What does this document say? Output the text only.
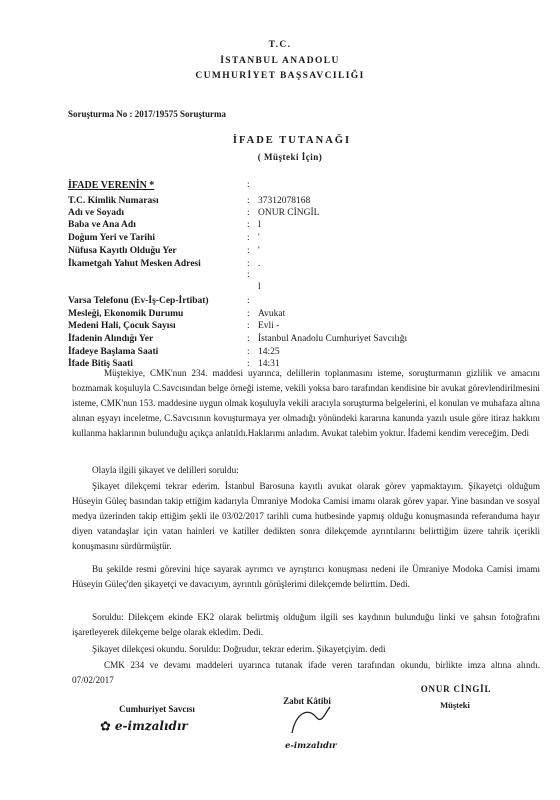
T.C.
İSTANBUL ANADOLU
CUMHURİYET BAŞSAVCILIĞI
Soruşturma No : 2017/19575 Soruşturma
İFADE TUTANAĞI
( Müşteki İçin)
İFADE VERENİN *	:
T.C. Kimlik Numarası	: 37312078168
Adı ve Soyadı	: ONUR CİNGİL
Baba ve Ana Adı	: l
Doğum Yeri ve Tarihi	: '
Nüfusa Kayıtlı Olduğu Yer	: '
İkametgah Yahut Mesken Adresi	: .
:
l
Varsa Telefonu (Ev-İş-Cep-İrtibat)	:
Mesleği, Ekonomik Durumu	: Avukat
Medeni Hali, Çocuk Sayısı	: Evli -
İfadenin Alındığı Yer	: İstanbul Anadolu Cumhuriyet Savcılığı
İfadeye Başlama Saati	: 14:25
İfade Bitiş Saati	: 14:31
Müştekiye, CMK'nun 234. maddesi uyarınca, delillerin toplanmasını isteme, soruşturmanın gizlilik ve amacını bozmamak koşuluyla C.Savcısından belge örneği isteme, vekili yoksa baro tarafından kendisine bir avukat görevlendirilmesini isteme, CMK'nun 153. maddesine uygun olmak koşuluyla vekili aracıyla soruşturma belgelerini, el konulan ve muhafaza altına alınan eşyayı inceletme, C.Savcısının kovuşturmaya yer olmadığı yönündeki kararına kanunda yazılı usule göre itiraz hakkını kullanma haklarının bulunduğu açıkça anlatıldı.Haklarımı anladım. Avukat talebim yoktur. İfademi kendim vereceğim. Dedi
Olayla ilgili şikayet ve delilleri soruldu:
Şikayet dilekçemi tekrar ederim. İstanbul Barosuna kayıtlı avukat olarak görev yapmaktayım. Şikayetçi olduğum Hüseyin Güleç basından takip ettiğim kadarıyla Ümraniye Modoka Camisi imamı olarak görev yapar. Yine basından ve sosyal medya üzerinden takip ettiğim şekli ile 03/02/2017 tarihli cuma hutbesinde yapmış olduğu konuşmasında referanduma hayır diyen vatandaşlar için vatan hainleri ve katiller dedikten sonra dilekçemde ayrıntılarını belirttiğim üzere tahrik içerikli konuşmasını sürdürmüştür.
Bu şekilde resmi görevini hiçe sayarak ayrımcı ve ayrıştırıcı konuşması nedeni ile Ümraniye Modoka Camisi imamı Hüseyin Güleç'den şikayetçi ve davacıyım, ayrıntılı görüşlerimi dilekçemde belirttim. Dedi.
Soruldu: Dilekçem ekinde EK2 olarak belirtmiş olduğum ilgili ses kaydının bulunduğu linki ve şahsın fotoğrafını işaretleyerek dilekçeme belge olarak ekledim. Dedi.
Şikayet dilekçesi okundu. Soruldu: Doğrudur, tekrar ederim. Şikayetçiyim. dedi
CMK 234 ve devamı maddeleri uyarınca tutanak ifade veren tarafından okundu, birlikte imza altına alındı. 07/02/2017
Cumhuriyet Savcısı
✿ e-imzalıdır
Zabıt Kâtibi
e-imzalıdır
ONUR CİNGİL
Müşteki
